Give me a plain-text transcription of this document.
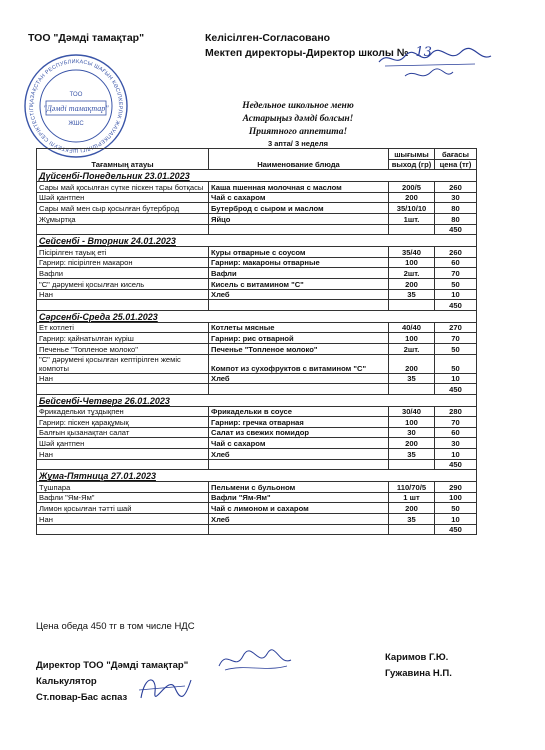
ТОО "Дәмді тамақтар"	Келісілген-Согласовано
Мектеп директоры-Директор школы № 13
ҚАЗАҚСТАН РЕСПУБЛИКАСЫ ШАҒЫН КӘСІПКЕРЛІК ЖАУАПКЕРШІЛІГІ ШЕКТЕУЛІ СЕРІКТЕСТІГІ
ТОО
"Дәмді тамақтар"
ЖШС
Недельное школьное меню
Астарыңыз дәмді болсын!
Приятного аппетита!
3 апта/ 3 неделя
Тағамның атауы	Наименование блюда	шығымы	бағасы
		выход (гр)	цена (тг)
Дүйсенбі-Понедельник 23.01.2023			
Сары май қосылған сүтке піскен тары ботқасы	Каша пшенная молочная с маслом	200/5	260
Шәй қантпен	Чай с сахаром	200	30
Сары май мен сыр қосылған бутерброд	Бутерброд с сыром и маслом	35/10/10	80
Жұмыртқа	Яйцо	1шт.	80
			450
Сейсенбі - Вторник 24.01.2023			
Пісірілген тауық еті	Куры отварные с соусом	35/40	260
Гарнир: пісірілген макарон	Гарнир: макароны отварные	100	60
Вафли	Вафли	2шт.	70
"С" дәрумені қосылған кисель	Кисель с витамином "С"	200	50
Нан	Хлеб	35	10
			450
Сәрсенбі-Среда 25.01.2023			
Ет котлеті	Котлеты мясные	40/40	270
Гарнир: қайнатылған күріш	Гарнир: рис отварной	100	70
Печенье "Топленое молоко"	Печенье "Топленое молоко"	2шт.	50
"С" дәрумені қосылған кептірілген жеміс компоты	Компот из сухофруктов с витамином "С"	200	50
Нан	Хлеб	35	10
			450
Бейсенбі-Четверг 26.01.2023			
Фрикадельки тұздықпен	Фрикадельки в соусе	30/40	280
Гарнир: піскен қарақұмық	Гарнир: гречка отварная	100	70
Балғын қызанақтан салат	Салат из свежих помидор	30	60
Шәй қантпен	Чай с сахаром	200	30
Нан	Хлеб	35	10
			450
Жұма-Пятница 27.01.2023			
Тұшпара	Пельмени с бульоном	110/70/5	290
Вафли "Ям-Ям"	Вафли "Ям-Ям"	1 шт	100
Лимон қосылған тәтті шай	Чай с лимоном и сахаром	200	50
Нан	Хлеб	35	10
			450
Цена обеда 450 тг в том числе НДС
Директор ТОО "Дәмді тамақтар"
Калькулятор
Ст.повар-Бас аспаз
Каримов Г.Ю.
Гужавина Н.П.
